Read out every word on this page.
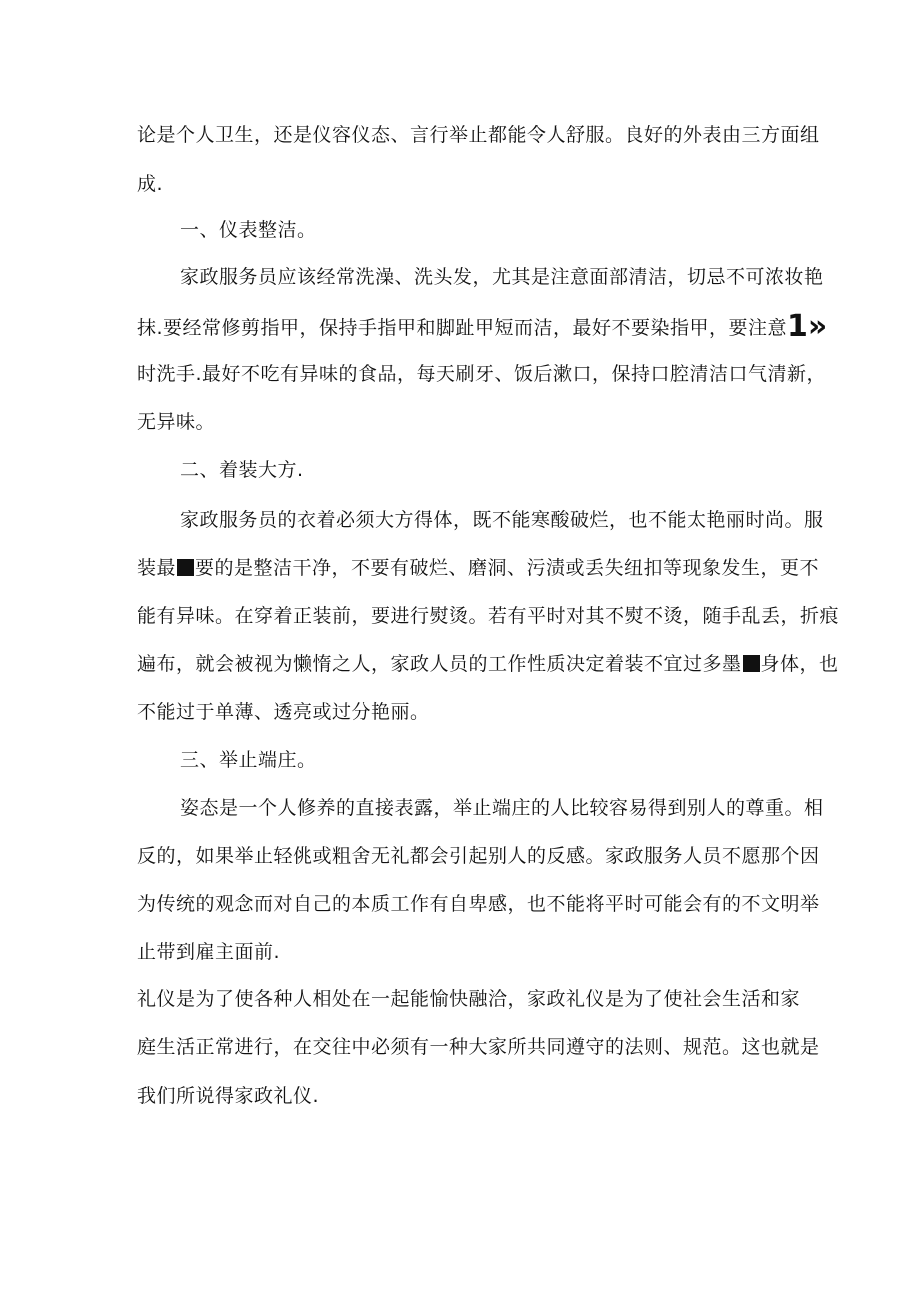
论是个人卫生，还是仪容仪态、言行举止都能令人舒服。良好的外表由三方面组
成.
一、仪表整洁。
家政服务员应该经常洗澡、洗头发，尤其是注意面部清洁，切忌不可浓妆艳
抹.要经常修剪指甲，保持手指甲和脚趾甲短而洁，最好不要染指甲，要注意1»
时洗手.最好不吃有异味的食品，每天刷牙、饭后漱口，保持口腔清洁口气清新，
无异味。
二、着装大方.
家政服务员的衣着必须大方得体，既不能寒酸破烂，也不能太艳丽时尚。服
装最 要的是整洁干净，不要有破烂、磨洞、污渍或丢失纽扣等现象发生，更不
能有异味。在穿着正装前，要进行熨烫。若有平时对其不熨不烫，随手乱丢，折痕
遍布，就会被视为懒惰之人，家政人员的工作性质决定着装不宜过多墨 身体，也
不能过于单薄、透亮或过分艳丽。
三、举止端庄。
姿态是一个人修养的直接表露，举止端庄的人比较容易得到别人的尊重。相
反的，如果举止轻佻或粗舍无礼都会引起别人的反感。家政服务人员不愿那个因
为传统的观念而对自己的本质工作有自卑感，也不能将平时可能会有的不文明举
止带到雇主面前.
礼仪是为了使各种人相处在一起能愉快融洽，家政礼仪是为了使社会生活和家
庭生活正常进行，在交往中必须有一种大家所共同遵守的法则、规范。这也就是
我们所说得家政礼仪.
